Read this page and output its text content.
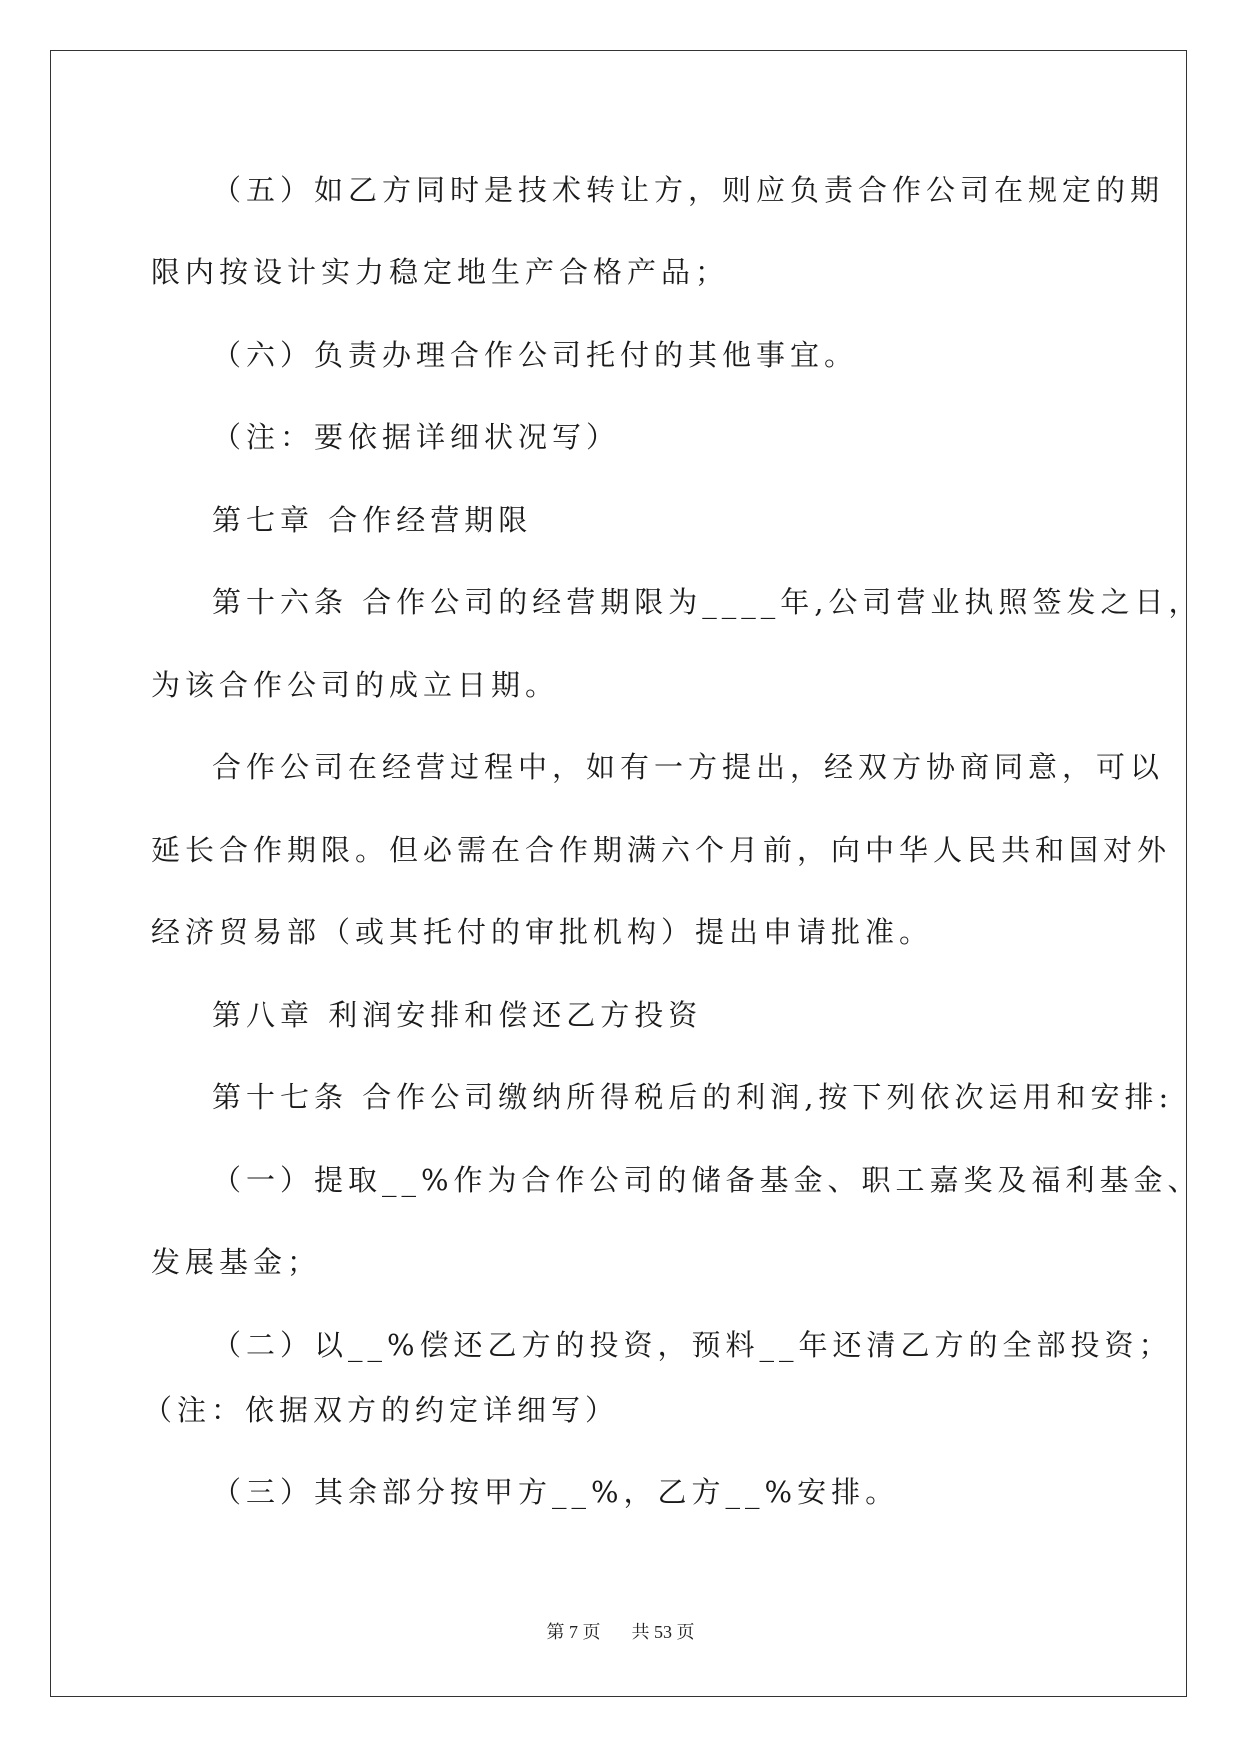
（五）如乙方同时是技术转让方，则应负责合作公司在规定的期
限内按设计实力稳定地生产合格产品；
（六）负责办理合作公司托付的其他事宜。
（注：要依据详细状况写）
第七章 合作经营期限
第十六条 合作公司的经营期限为____年,公司营业执照签发之日，
为该合作公司的成立日期。
合作公司在经营过程中，如有一方提出，经双方协商同意，可以
延长合作期限。但必需在合作期满六个月前，向中华人民共和国对外
经济贸易部（或其托付的审批机构）提出申请批准。
第八章 利润安排和偿还乙方投资
第十七条 合作公司缴纳所得税后的利润,按下列依次运用和安排:
（一）提取__%作为合作公司的储备基金、职工嘉奖及福利基金、
发展基金；
（二）以__%偿还乙方的投资，预料__年还清乙方的全部投资；
（注：依据双方的约定详细写）
（三）其余部分按甲方__%，乙方__%安排。
第 7 页 共 53 页
